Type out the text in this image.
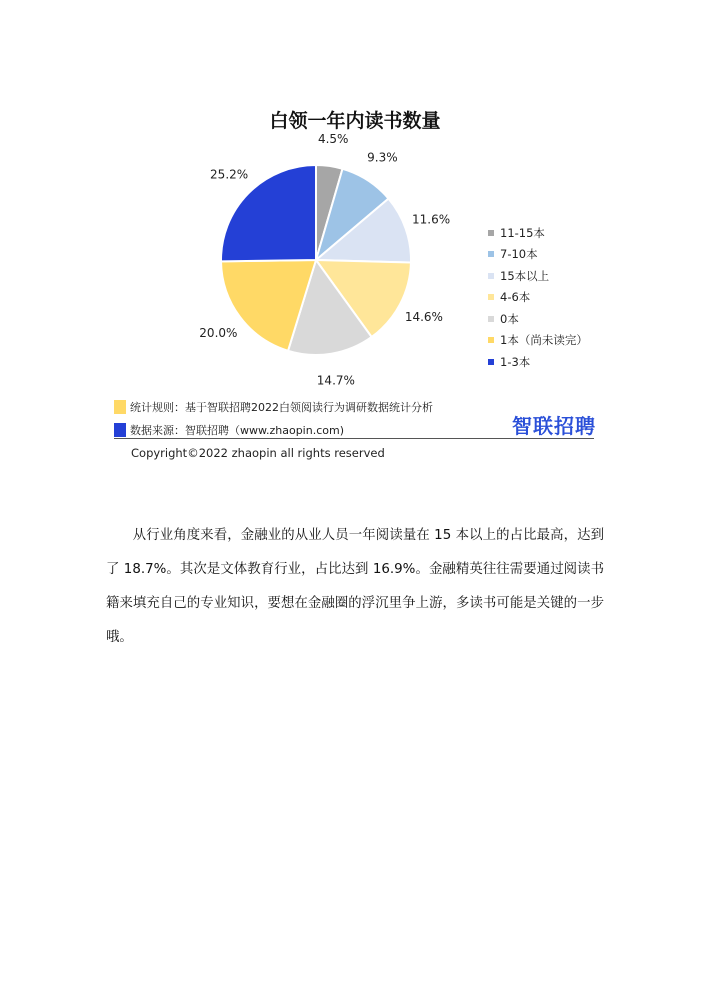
白领一年内读书数量
4.5%
9.3%
11.6%
14.6%
14.7%
20.0%
25.2%
11-15本
7-10本
15本以上
4-6本
0本
1本（尚未读完）
1-3本
统计规则：基于智联招聘2022白领阅读行为调研数据统计分析
数据来源：智联招聘（www.zhaopin.com)	智联招聘
Copyright©2022 zhaopin all rights reserved

从行业角度来看，金融业的从业人员一年阅读量在 15 本以上的占比最高，达到了 18.7%。其次是文体教育行业，占比达到 16.9%。金融精英往往需要通过阅读书籍来填充自己的专业知识，要想在金融圈的浮沉里争上游，多读书可能是关键的一步哦。
